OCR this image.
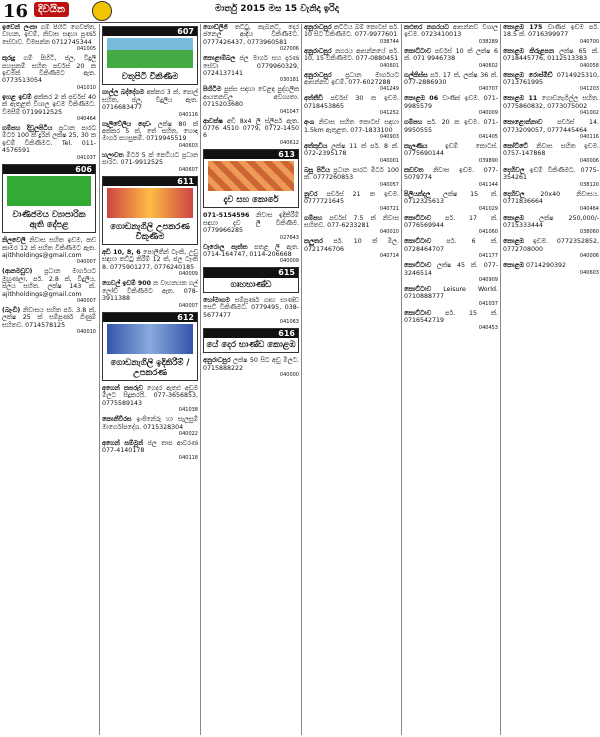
16 දිවයින	මාර්තු 2015 මස 15 වැනිදා ඉරිදා
ඉවෙන් ලංකා ගම් පිහිටි ගෙවත්ත, වාහන, ඉඩම්, නිවාස සඳහා පූර්ණ සේවාව. විමසන්න 0712745344
041005
කුරුදු ගම් පිහිටි, ජල, විදුලි පහසුකම් සහිත පර්චස් 20 ක ඉඩමක් විකිණීමට ඇත. 0773513054
041010
ඉහළ ඉඩම් අක්කර 2 ක් පර්චස් 40 ක් ඇතුළත් විශාල ඉඩම විකිණීමට. විමසීම් 0719912525
040464
ගම්පහ දිවුලපිටිය ප්‍රධාන පාරට මීටර් 100 ක් දුරින් ලක්ෂ 25, 30 ක ඉඩම් විකිණීමට. Tel. 011-4576591
041037
606
වාණිජමය ව්‍යාපාරික ඇති දේපළ
නිලවෙලි නිවාස සහිත ඉඩම, කඩ කාමර 12 ක් සහිත විකිණීමට ඇත. ajithholdings@gmail.com
040007
(ආනමඩුව) ප්‍රධාන මාර්ගයට මුහුණලා, පර්. 2.8 ක්, විදුලිය, ජලය සහිත. ලක්ෂ 143 ක්. ajithholdings@gmail.com
040007
(බැංඩි) නිවාසය සහිත පර්. 3.8 ක්, ලක්ෂ 25 ක් සම්පූර්ණ ගිණුම් සහිතව. 0714578125
040010
607
වතුපිටි විකිණීම
ගාල්ල බද්දේගම අක්කර 3 ක්, පොල් සහිත, ජල, විදුලිය ඇත. 0716683477
040116
ගැලිවේලිය දොඩං ලක්ෂ 80 ක් අක්කර 5 ක්, තේ සහිත, හොඳ මාර්ග පහසුකම්. 0719945519
040603
හලාවත මීටර් 5 ක් කෙටියට ප්‍රධාන පාරට. 071-9912525
040607
611
ගොඩනැගිලි උපකරණ විකුණීම
අඩි 10, 8, 6 පොලිතීන් ටැංකි, උඩු සඳහා තට්ටු කිරීම් 12 ක්, ජල ටැංකි 8. 0775901277, 0776240185
040009
ගෙවල් ඉඩම් 900 ක වාහනයක ගල් ලෝඩ් විකිණීමට ඇත. 078-3911388
040007
612
ගොඩනැගිලි ඉදිකිරීම් / උපකරණ
අගෙන් කපරුව ගෙදර ඇතුළු අඩුම මිලට සිදුකරයි. 077-3656853, 0775589143
041038
කොනීවීරස ඉංජිනේරු හා සැලසුම් මාර්ගෝපදේශ. 0715328304
040022
අගෙන් සම්මුන් ජල තාප ආවරණ 077-4140178
040118
ගොඩ්ලිජි තට්ටු, කැබිනට්, දොර ජනෙල් ආදිය විකිණීමට. 0777426437, 0773960581
027006
කොළාම්බල ජල මාර්ග සහ දැරණ සේවා 0779960329, 0724137141
030181
පිහිටීම පුස්ස සඳහා වෙළඳ පුද්ගලික ආයතනවල අවශ්‍යතා. 0715203680
041047
ආවක්ෂ අඩි 8x4 ලී ස්ලීපර් ඇත. 0776 4510 0779, 0772-1450 6
040612
613
දැව සහ කොරේ
071-5154596 නිවාස ඉදිකිරීම් සඳහා දැව ලී විකිණීම. 0779966285
027643
වැරොල පැත්ත පතළ ලී ඇත. 0714-164747, 0114-206668
040009
615
ගෘහභාණ්ඩ
හෝමාගම සම්පූර්ණ ගෘහ භාණ්ඩ සෙට් විකිණීමට. 0779495, 038-5677477
041063
616
යේ දෙර භාණ්ඩ කොළඹ
අනුරාධපුර ලක්ෂ 50 සිට අඩු මිලට. 0715888222
040000
අනුරාධපුර කට්ටිය බිම් කොටස් පර්. 10 සිට විකිණීමට. 077-9977601
038744
අනුරාධපුර නගරය ආසන්නයේ පර්. 10, 15 විකිණීමට. 077-0880451
040601
අනුරාධපුර ප්‍රධාන මාර්ගයට ආසන්නව ඉඩම්. 077-6027288
041249
අත්තීඩි පර්චස් 30 ක ඉඩම. 0718453865
041252
අංශ නිවාස සහිත කොටස් සඳහා 1.5km ඇතුළත. 077-1833100
040903
අත්කුඩිය ලක්ෂ 11 ක් පර්. 8 ක්. 072-2395178
040001
බසු පිටිය ප්‍රධාන පාරට මීටර් 100 ක්. 0777260853
040057
නුවර පර්චස් 21 ක ඉඩම. 0777721645
040721
ගම්පහ පර්චස් 7.5 ක් නිවාස සහිතව. 077-6233281
040010
කලුතර පර්. 10 ක් මිල. 0721746706
040714
කළුතර නගරයට ආසන්නව විශාල ඉඩම. 0723410013
038289
කොට්ටාව පර්චස් 10 ක් ලක්ෂ 6 ක්. 071 9946738
040602
ගල්කිස්ස පර්. 17 ක්, ලක්ෂ 36 ක්. 077-2886930
040707
කොළඹ 06 වාණිජ ඉඩම. 071-9985579
040009
ගම්පහ පර්. 20 ක ඉඩම. 071-9950555
041405
කැලණිය	ඉඩම් කොටස්. 0775690144
039890
කඩවත නිවාස ඉඩම. 077-5079774
041144
පිලියන්දල ලක්ෂ 15 ක්. 0712325613
041029
කොට්ටාව පර්. 17 ක්. 0776569944
041060
කොට්ටාව පර්. 6 ක්. 0728464707
041177
කොට්ටාව ලක්ෂ 45 ක්. 077-3246514
040909
කොට්ටාව Leisure World. 0710888777
041037
කොට්ටාව පර්. 15 ක්. 0716542719
040453
කොළඹ 175 වාණිජ ඉඩම පර්. 18.5 ක්. 0716399977
040700
කොළඹ කිරුළපන ලක්ෂ 65 ක්. 0718445776, 0112513383
040058
කොළඹ රොස්මීඩ් 0714925310, 0713761995
041203
කොළඹ 11 ගොඩනැගිල්ල සහිත. 0775860832, 0773075002
041002
කොළොන්නාව පර්චස් 14. 0773209057, 0777445464
040116
කෝට්ටේ නිවාස සහිත ඉඩම. 0757-147868
040006
දෙහිවල ඉඩම් විකිණීමට. 0775-354261
038120
දෙහිවල	20x40 නිවාසය. 0771836664
040464
කොළඹ ලක්ෂ 250,000/- 0715333444
038060
කොළඹ ඉඩම. 0772352852, 0772708000
040006
කොළඹ 0714290392
040603
